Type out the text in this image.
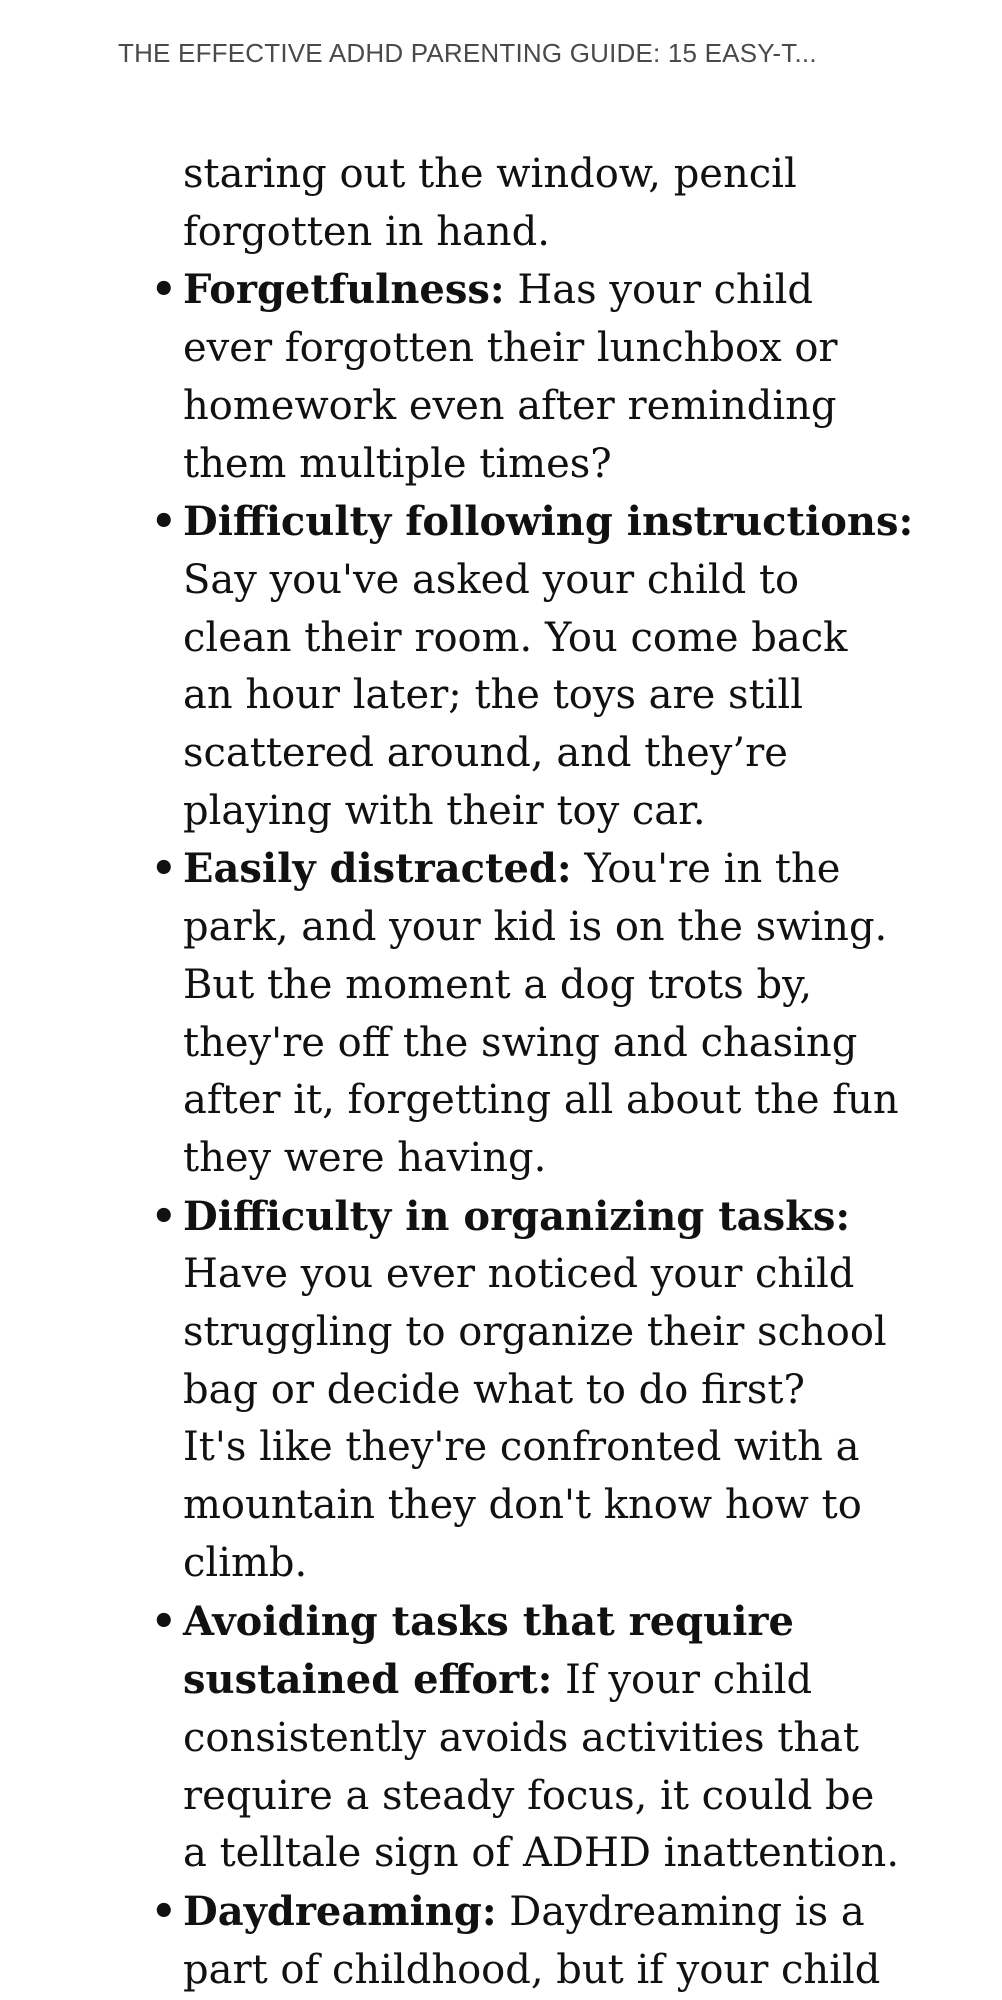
THE EFFECTIVE ADHD PARENTING GUIDE: 15 EASY-T...

staring out the window, pencil
forgotten in hand.

• Forgetfulness: Has your child
ever forgotten their lunchbox or
homework even after reminding
them multiple times?
• Difficulty following instructions:
Say you've asked your child to
clean their room. You come back
an hour later; the toys are still
scattered around, and they’re
playing with their toy car.
• Easily distracted: You're in the
park, and your kid is on the swing.
But the moment a dog trots by,
they're off the swing and chasing
after it, forgetting all about the fun
they were having.
• Difficulty in organizing tasks:
Have you ever noticed your child
struggling to organize their school
bag or decide what to do first?
It's like they're confronted with a
mountain they don't know how to
climb.
• Avoiding tasks that require
sustained effort: If your child
consistently avoids activities that
require a steady focus, it could be
a telltale sign of ADHD inattention.
• Daydreaming: Daydreaming is a
part of childhood, but if your child
